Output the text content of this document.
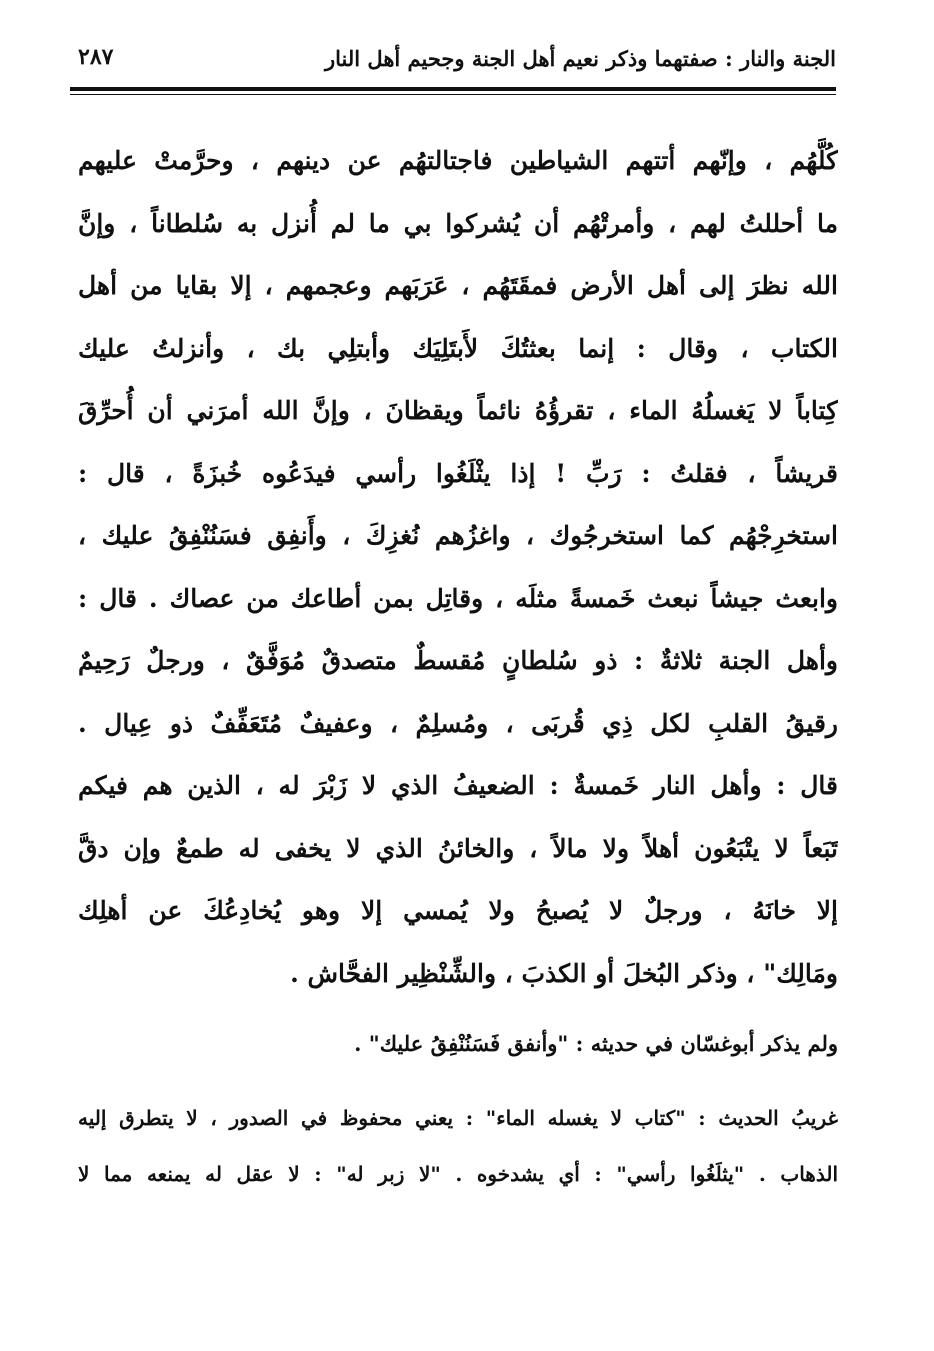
الجنة والنار : صفتهما وذكر نعيم أهل الجنة وجحيم أهل النار
٢٨٧
كُلَّهُم ، وإنّهم أتتهم الشياطين فاجتالتهُم عن دينهم ، وحرَّمتْ عليهم
ما أحللتُ لهم ، وأمرتْهُم أن يُشركوا بي ما لم أُنزل به سُلطاناً ، وإنَّ
الله نظرَ إلى أهل الأرض فمقَتَهُم ، عَرَبَهم وعجمهم ، إلا بقايا من أهل
الكتاب ، وقال : إنما بعثتُكَ لأَبتَلِيَك وأبتلِي بك ، وأنزلتُ عليك
كِتاباً لا يَغسلُهُ الماء ، تقرؤُهُ نائماً ويقظانَ ، وإنَّ الله أمرَني أن أُحرِّقَ
قريشاً ، فقلتُ : رَبِّ ! إذا يثْلَغُوا رأسي فيدَعُوه خُبزَةً ، قال :
استخرِجْهُم كما استخرجُوك ، واغزُهم نُغزِكَ ، وأَنفِق فسَنُنْفِقُ عليك ،
وابعث جيشاً نبعث خَمسةً مثلَه ، وقاتِل بمن أطاعك من عصاك . قال :
وأهل الجنة ثلاثةٌ : ذو سُلطانٍ مُقسطٌ متصدقٌ مُوَفَّقٌ ، ورجلٌ رَحِيمٌ
رقيقُ القلبِ لكل ذِي قُربَى ، ومُسلِمٌ ، وعفيفٌ مُتَعَفِّفٌ ذو عِيال .
قال : وأهل النار خَمسةٌ : الضعيفُ الذي لا زَبْرَ له ، الذين هم فيكم
تَبَعاً لا يتْبَعُون أهلاً ولا مالاً ، والخائنُ الذي لا يخفى له طمعٌ وإن دقَّ
إلا خانَهُ ، ورجلٌ لا يُصبحُ ولا يُمسي إلا وهو يُخادِعُكَ عن أهلِك
ومَالِك" ، وذكر البُخلَ أو الكذبَ ، والشِّنْظِير الفحَّاش .
ولم يذكر أبوغسّان في حديثه : "وأنفق فَسَنُنْفِقُ عليك" .
غريبُ الحديث : "كتاب لا يغسله الماء" : يعني محفوظ في الصدور ، لا يتطرق إليه
الذهاب . "يثلَغُوا رأسي" : أي يشدخوه . "لا زبر له" : لا عقل له يمنعه مما لا
